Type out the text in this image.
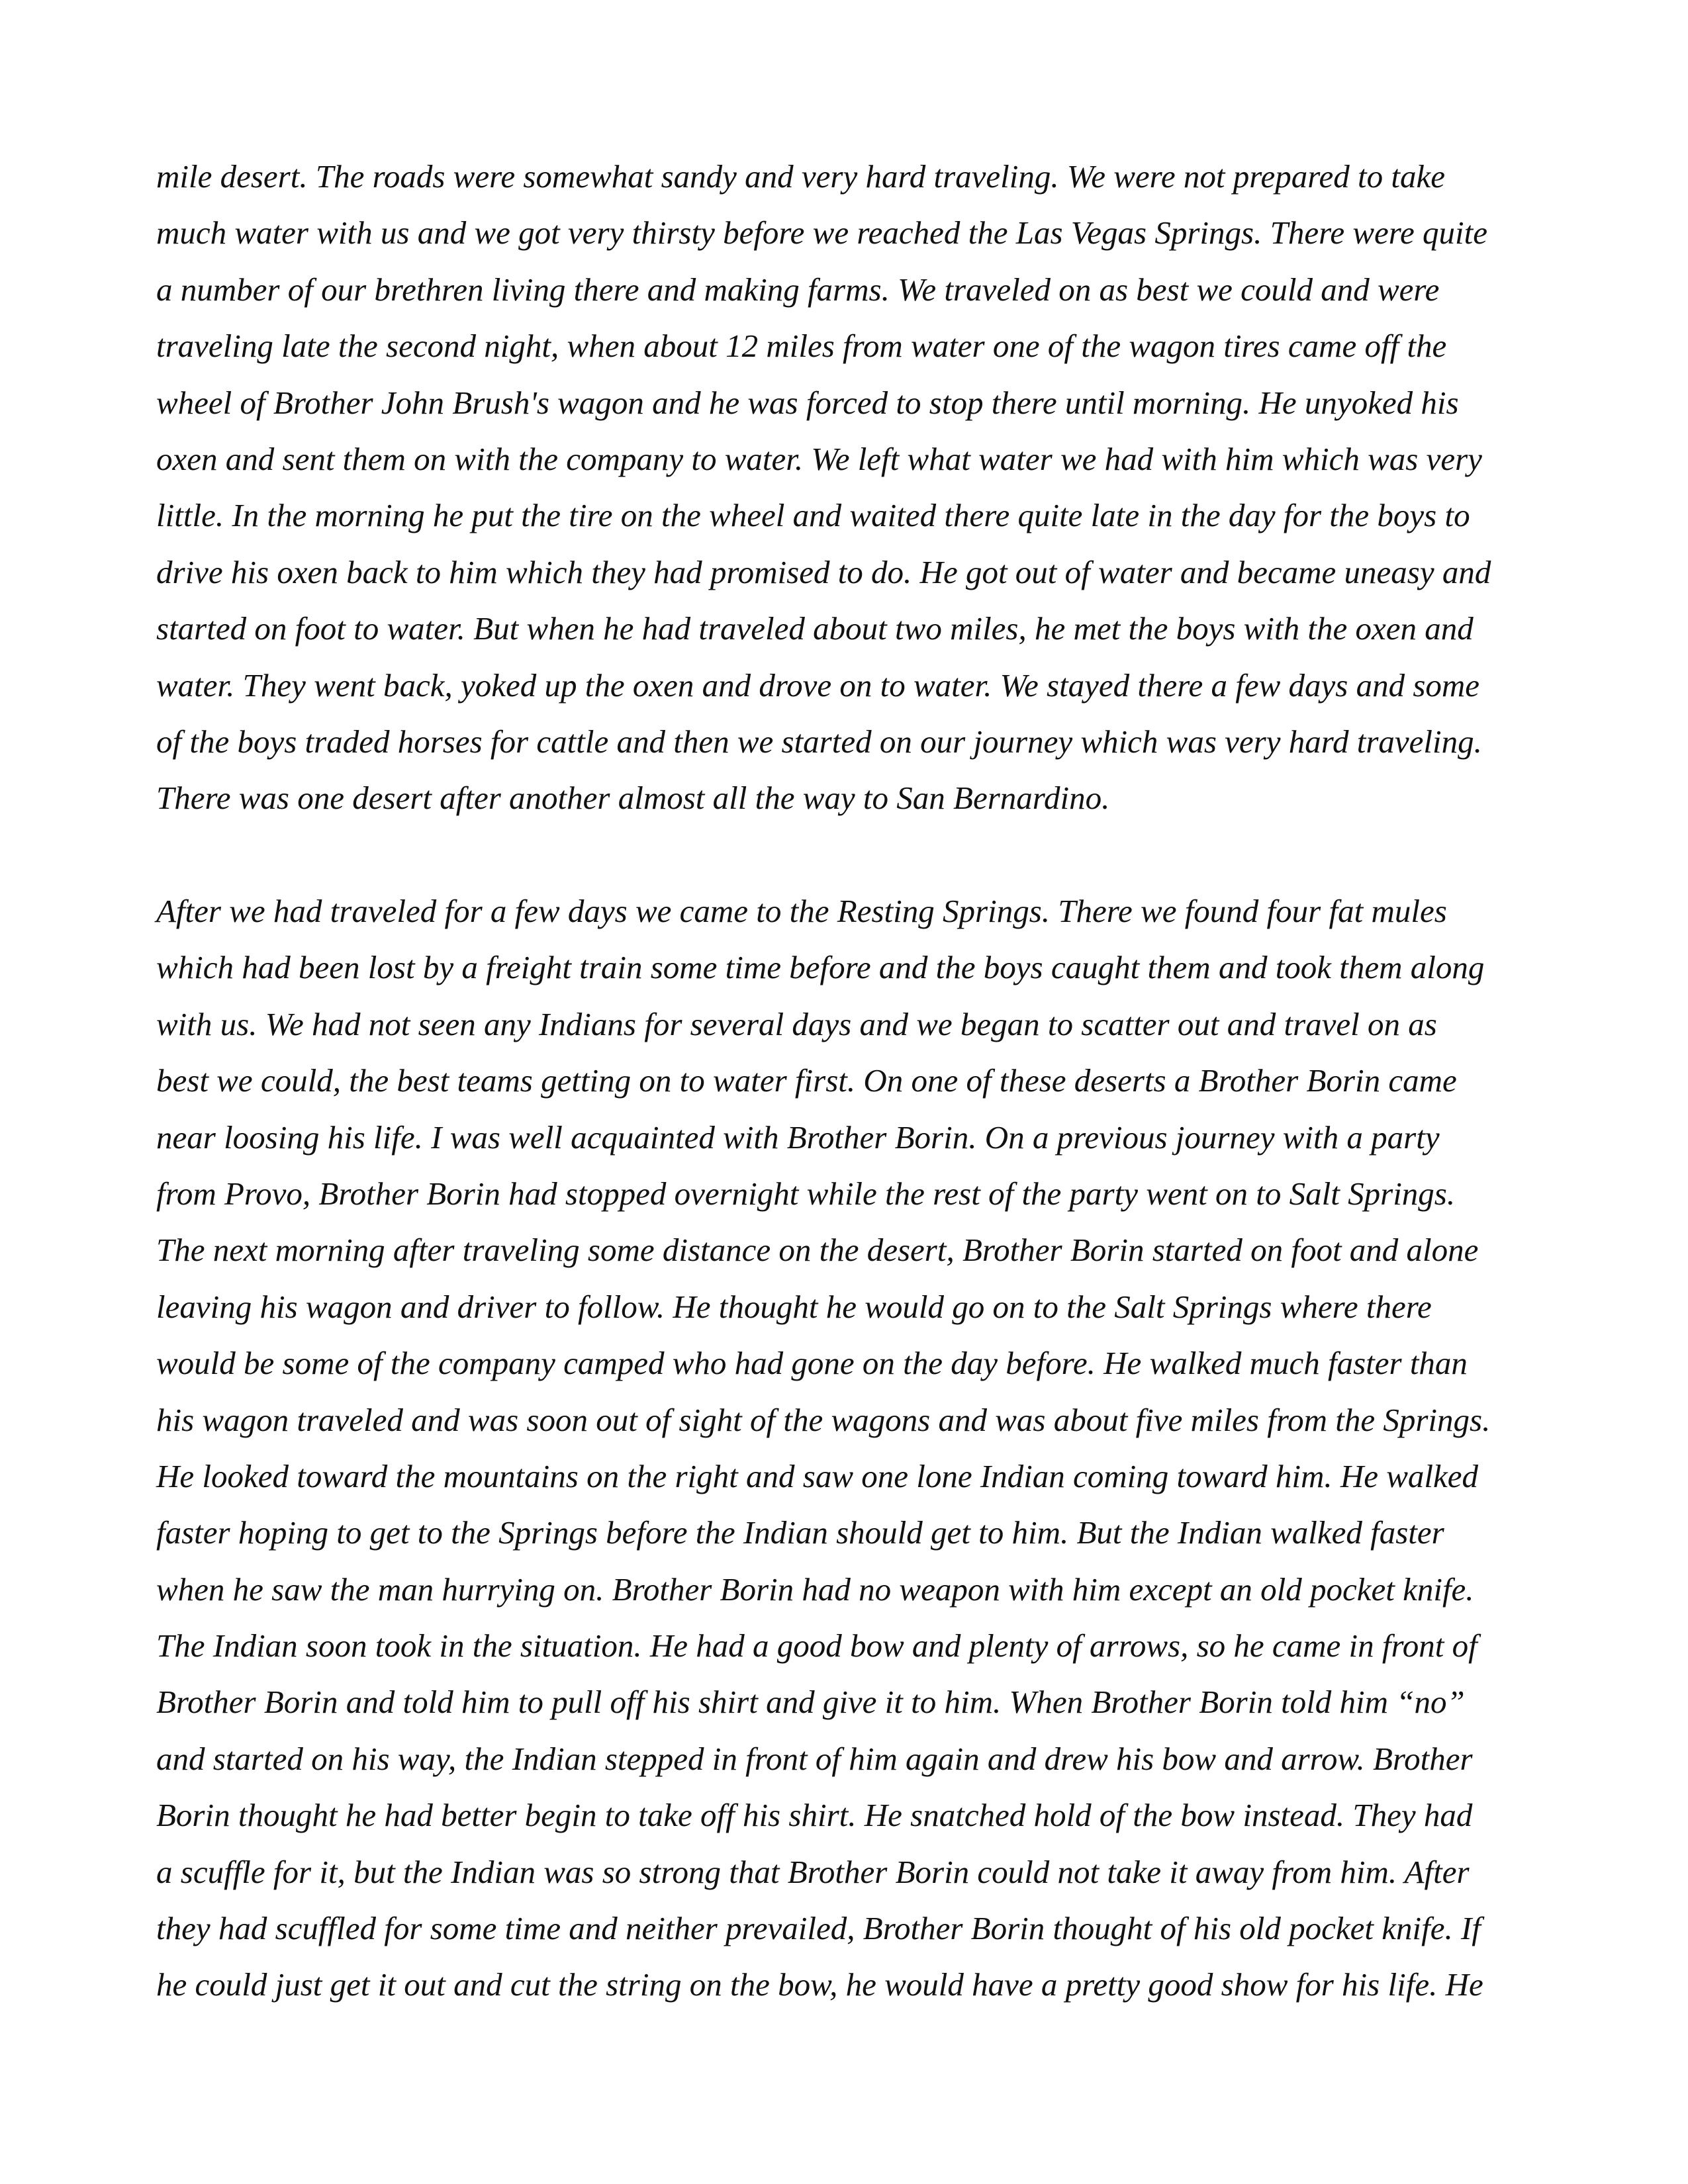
mile desert. The roads were somewhat sandy and very hard traveling. We were not prepared to take
much water with us and we got very thirsty before we reached the Las Vegas Springs. There were quite
a number of our brethren living there and making farms. We traveled on as best we could and were
traveling late the second night, when about 12 miles from water one of the wagon tires came off the
wheel of Brother John Brush's wagon and he was forced to stop there until morning. He unyoked his
oxen and sent them on with the company to water. We left what water we had with him which was very
little. In the morning he put the tire on the wheel and waited there quite late in the day for the boys to
drive his oxen back to him which they had promised to do. He got out of water and became uneasy and
started on foot to water. But when he had traveled about two miles, he met the boys with the oxen and
water. They went back, yoked up the oxen and drove on to water. We stayed there a few days and some
of the boys traded horses for cattle and then we started on our journey which was very hard traveling.
There was one desert after another almost all the way to San Bernardino.
After we had traveled for a few days we came to the Resting Springs. There we found four fat mules
which had been lost by a freight train some time before and the boys caught them and took them along
with us. We had not seen any Indians for several days and we began to scatter out and travel on as
best we could, the best teams getting on to water first. On one of these deserts a Brother Borin came
near loosing his life. I was well acquainted with Brother Borin. On a previous journey with a party
from Provo, Brother Borin had stopped overnight while the rest of the party went on to Salt Springs.
The next morning after traveling some distance on the desert, Brother Borin started on foot and alone
leaving his wagon and driver to follow. He thought he would go on to the Salt Springs where there
would be some of the company camped who had gone on the day before. He walked much faster than
his wagon traveled and was soon out of sight of the wagons and was about five miles from the Springs.
He looked toward the mountains on the right and saw one lone Indian coming toward him. He walked
faster hoping to get to the Springs before the Indian should get to him. But the Indian walked faster
when he saw the man hurrying on. Brother Borin had no weapon with him except an old pocket knife.
The Indian soon took in the situation. He had a good bow and plenty of arrows, so he came in front of
Brother Borin and told him to pull off his shirt and give it to him. When Brother Borin told him “no”
and started on his way, the Indian stepped in front of him again and drew his bow and arrow. Brother
Borin thought he had better begin to take off his shirt. He snatched hold of the bow instead. They had
a scuffle for it, but the Indian was so strong that Brother Borin could not take it away from him. After
they had scuffled for some time and neither prevailed, Brother Borin thought of his old pocket knife. If
he could just get it out and cut the string on the bow, he would have a pretty good show for his life. He
